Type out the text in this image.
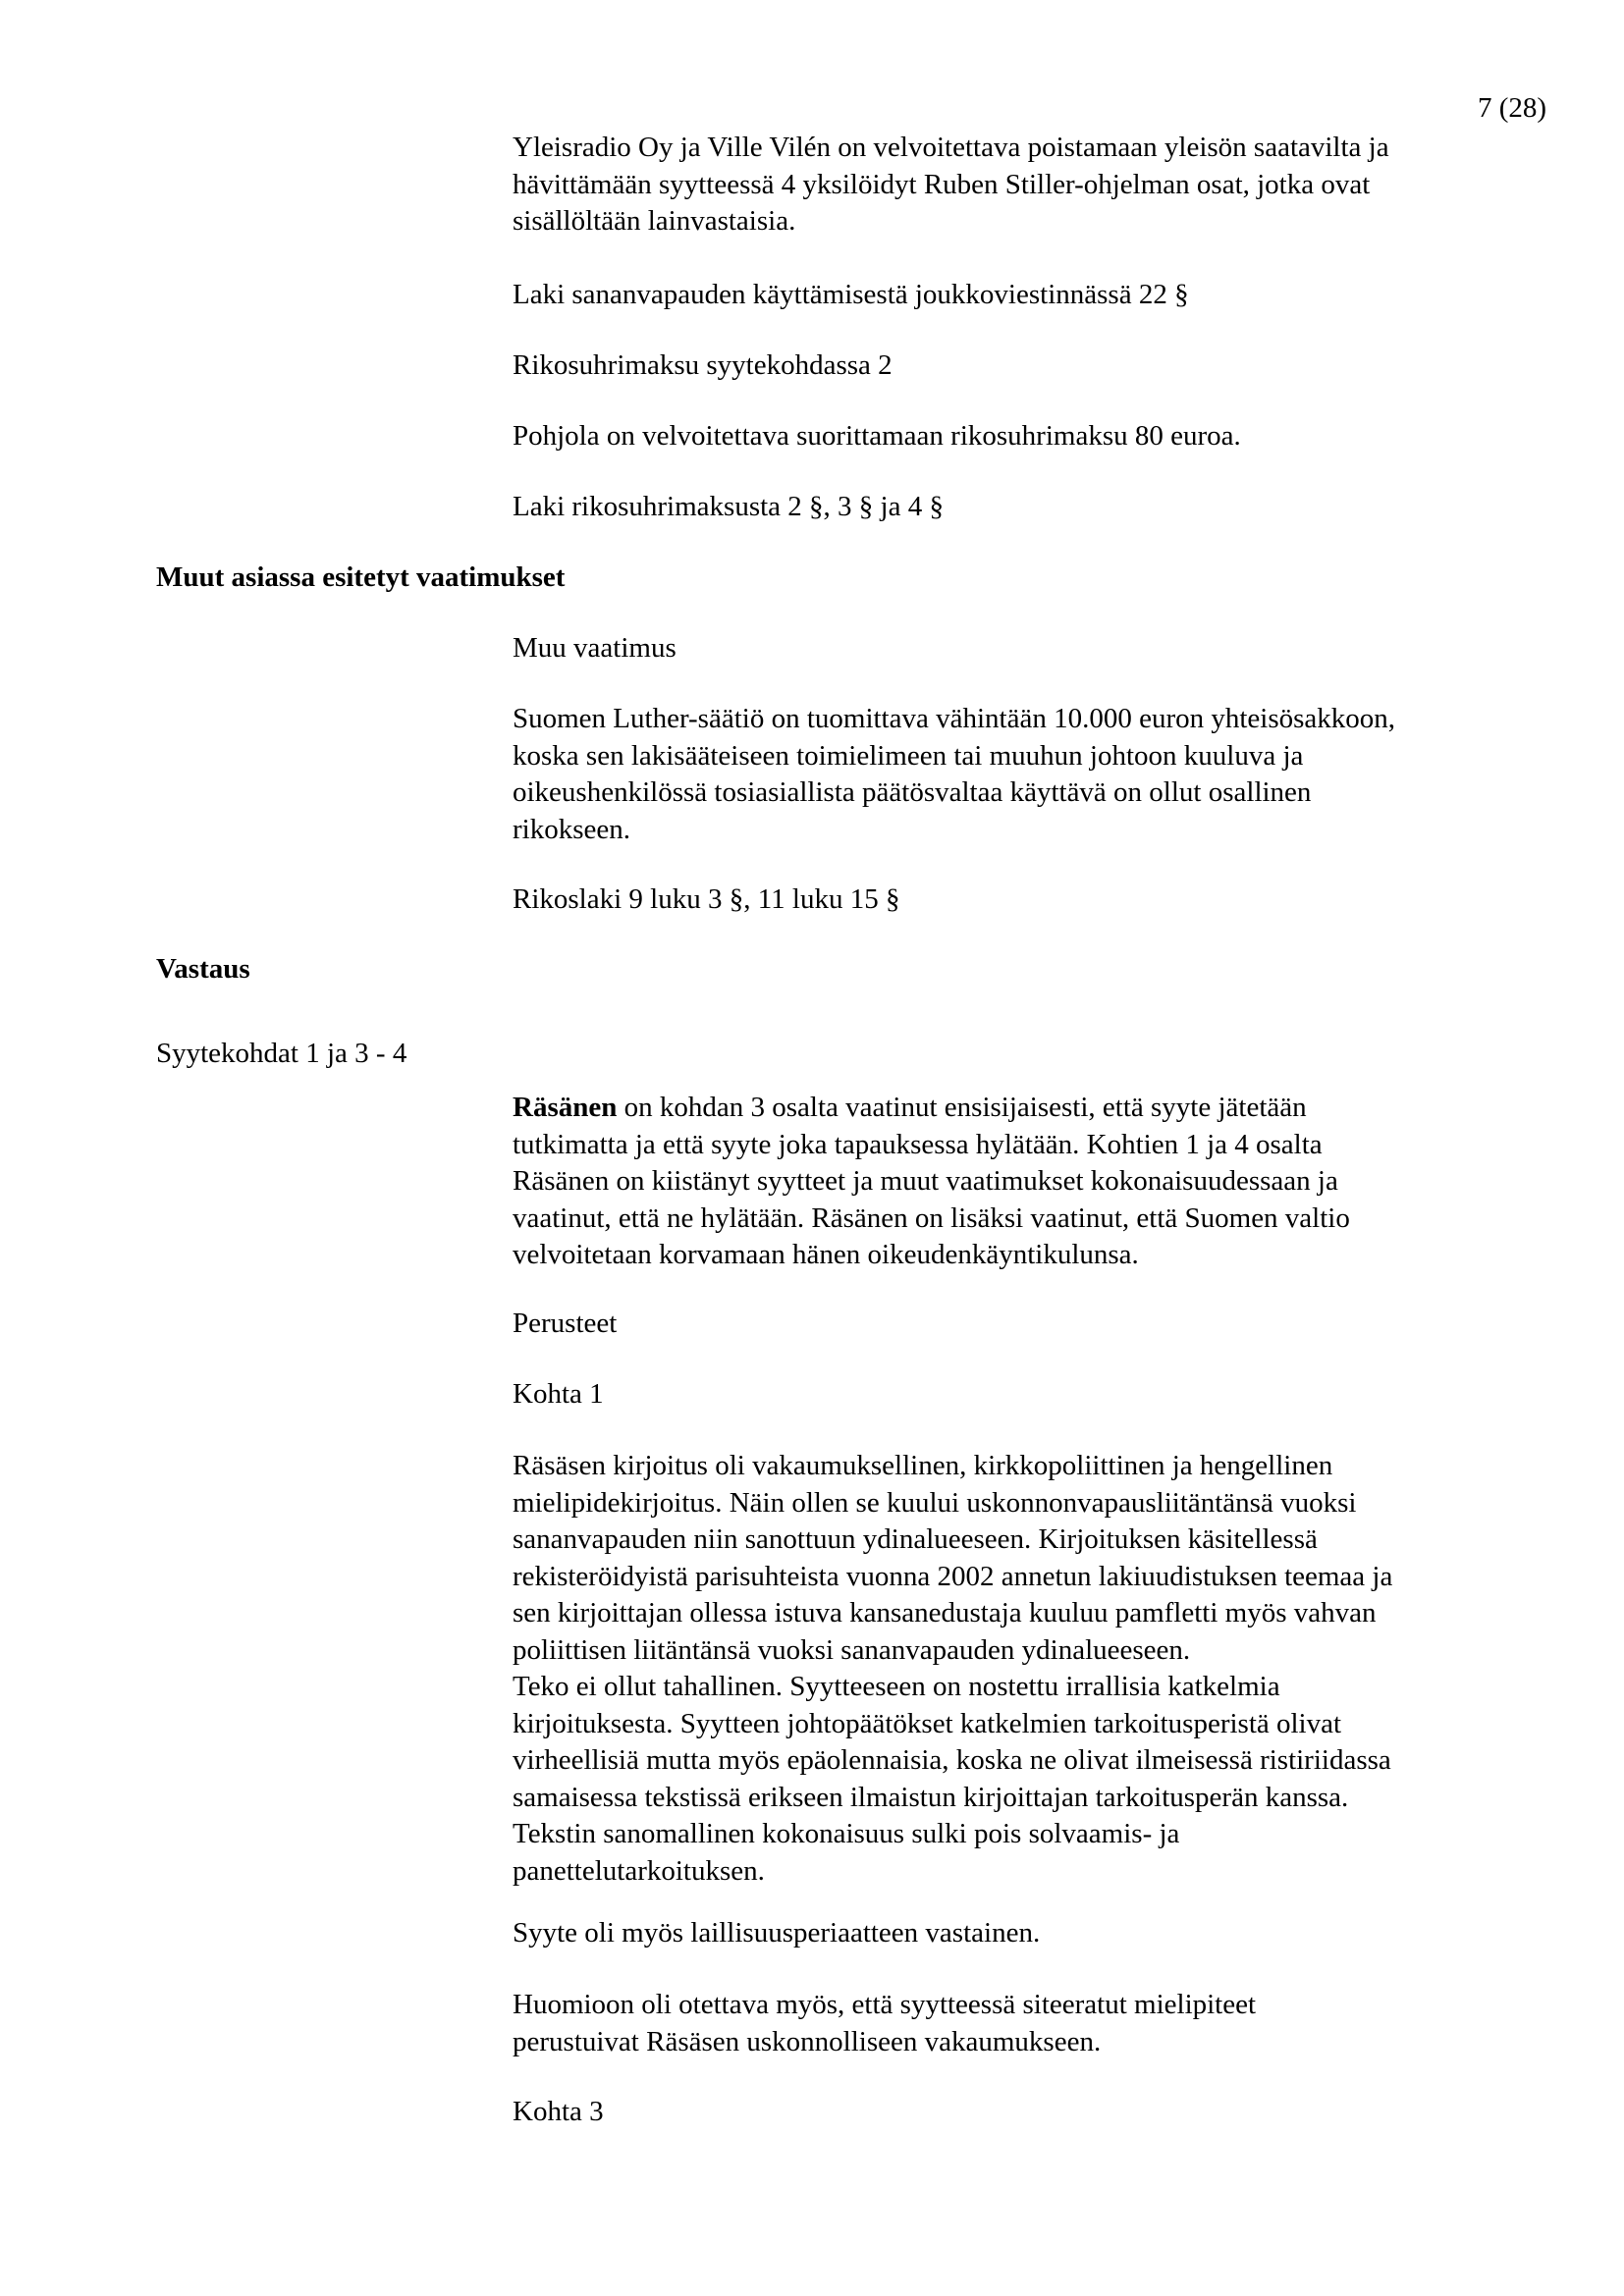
7 (28)

Yleisradio Oy ja Ville Vilén on velvoitettava poistamaan yleisön saatavilta ja
hävittämään syytteessä 4 yksilöidyt Ruben Stiller-ohjelman osat, jotka ovat
sisällöltään lainvastaisia.

Laki sananvapauden käyttämisestä joukkoviestinnässä 22 §

Rikosuhrimaksu syytekohdassa 2

Pohjola on velvoitettava suorittamaan rikosuhrimaksu 80 euroa.

Laki rikosuhrimaksusta 2 §, 3 § ja 4 §

Muut asiassa esitetyt vaatimukset

Muu vaatimus

Suomen Luther-säätiö on tuomittava vähintään 10.000 euron yhteisösakkoon,
koska sen lakisääteiseen toimielimeen tai muuhun johtoon kuuluva ja
oikeushenkilössä tosiasiallista päätösvaltaa käyttävä on ollut osallinen
rikokseen.

Rikoslaki 9 luku 3 §, 11 luku 15 §

Vastaus
Syytekohdat 1 ja 3 - 4

Räsänen on kohdan 3 osalta vaatinut ensisijaisesti, että syyte jätetään
tutkimatta ja että syyte joka tapauksessa hylätään. Kohtien 1 ja 4 osalta
Räsänen on kiistänyt syytteet ja muut vaatimukset kokonaisuudessaan ja
vaatinut, että ne hylätään. Räsänen on lisäksi vaatinut, että Suomen valtio
velvoitetaan korvamaan hänen oikeudenkäyntikulunsa.

Perusteet

Kohta 1

Räsäsen kirjoitus oli vakaumuksellinen, kirkkopoliittinen ja hengellinen
mielipidekirjoitus. Näin ollen se kuului uskonnonvapausliitäntänsä vuoksi
sananvapauden niin sanottuun ydinalueeseen. Kirjoituksen käsitellessä
rekisteröidyistä parisuhteista vuonna 2002 annetun lakiuudistuksen teemaa ja
sen kirjoittajan ollessa istuva kansanedustaja kuuluu pamfletti myös vahvan
poliittisen liitäntänsä vuoksi sananvapauden ydinalueeseen.
Teko ei ollut tahallinen. Syytteeseen on nostettu irrallisia katkelmia
kirjoituksesta. Syytteen johtopäätökset katkelmien tarkoitusperistä olivat
virheellisiä mutta myös epäolennaisia, koska ne olivat ilmeisessä ristiriidassa
samaisessa tekstissä erikseen ilmaistun kirjoittajan tarkoitusperän kanssa.
Tekstin sanomallinen kokonaisuus sulki pois solvaamis- ja
panettelutarkoituksen.

Syyte oli myös laillisuusperiaatteen vastainen.

Huomioon oli otettava myös, että syytteessä siteeratut mielipiteet
perustuivat Räsäsen uskonnolliseen vakaumukseen.

Kohta 3
